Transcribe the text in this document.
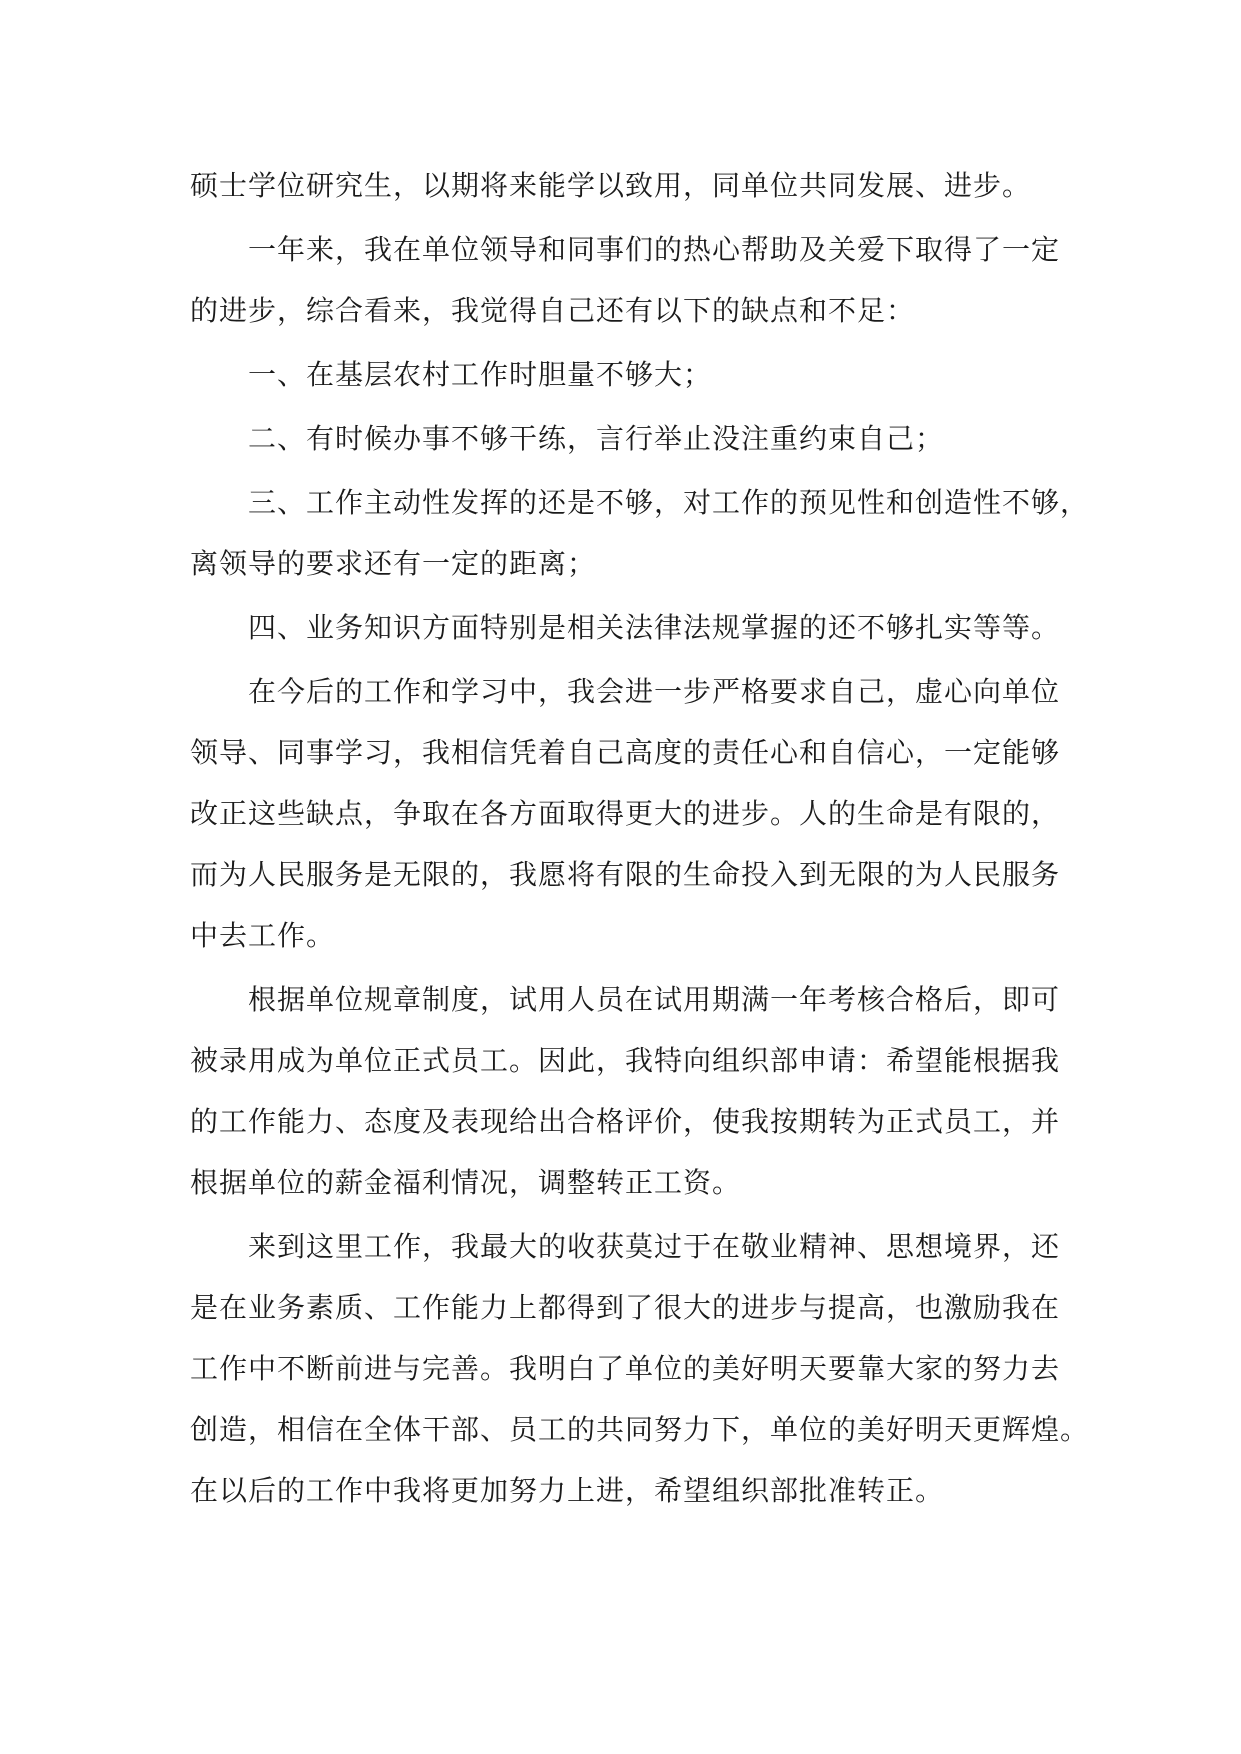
硕士学位研究生，以期将来能学以致用，同单位共同发展、进步。
一年来，我在单位领导和同事们的热心帮助及关爱下取得了一定
的进步，综合看来，我觉得自己还有以下的缺点和不足：
一、在基层农村工作时胆量不够大；
二、有时候办事不够干练，言行举止没注重约束自己；
三、工作主动性发挥的还是不够，对工作的预见性和创造性不够，
离领导的要求还有一定的距离；
四、业务知识方面特别是相关法律法规掌握的还不够扎实等等。
在今后的工作和学习中，我会进一步严格要求自己，虚心向单位
领导、同事学习，我相信凭着自己高度的责任心和自信心，一定能够
改正这些缺点，争取在各方面取得更大的进步。人的生命是有限的，
而为人民服务是无限的，我愿将有限的生命投入到无限的为人民服务
中去工作。
根据单位规章制度，试用人员在试用期满一年考核合格后，即可
被录用成为单位正式员工。因此，我特向组织部申请：希望能根据我
的工作能力、态度及表现给出合格评价，使我按期转为正式员工，并
根据单位的薪金福利情况，调整转正工资。
来到这里工作，我最大的收获莫过于在敬业精神、思想境界，还
是在业务素质、工作能力上都得到了很大的进步与提高，也激励我在
工作中不断前进与完善。我明白了单位的美好明天要靠大家的努力去
创造，相信在全体干部、员工的共同努力下，单位的美好明天更辉煌。
在以后的工作中我将更加努力上进，希望组织部批准转正。
